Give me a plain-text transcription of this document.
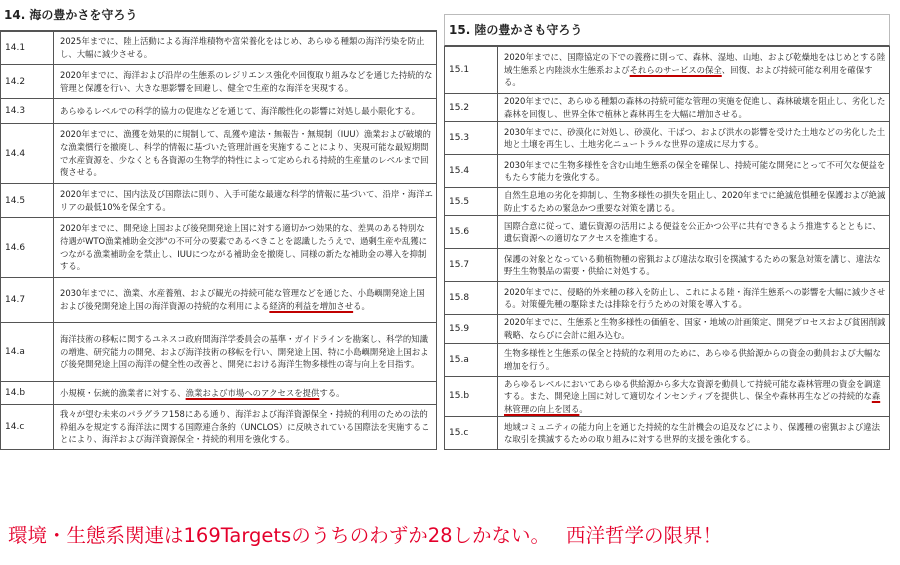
14. 海の豊かさを守ろう
14.1	2025年までに、陸上活動による海洋堆積物や富栄養化をはじめ、あらゆる種類の海洋汚染を防止し、大幅に減少させる。
14.2	2020年までに、海洋および沿岸の生態系のレジリエンス強化や回復取り組みなどを通じた持続的な管理と保護を行い、大きな悪影響を回避し、健全で生産的な海洋を実現する。
14.3	あらゆるレベルでの科学的協力の促進などを通じて、海洋酸性化の影響に対処し最小限化する。
14.4	2020年までに、漁獲を効果的に規制して、乱獲や違法・無報告・無規制（IUU）漁業および破壊的な漁業慣行を撤廃し、科学的情報に基づいた管理計画を実施することにより、実現可能な最短期間で水産資源を、少なくとも各資源の生物学的特性によって定められる持続的生産量のレベルまで回復させる。
14.5	2020年までに、国内法及び国際法に則り、入手可能な最適な科学的情報に基づいて、沿岸・海洋エリアの最低10%を保全する。
14.6	2020年までに、開発途上国および後発開発途上国に対する適切かつ効果的な、差異のある特別な待遇がWTO漁業補助金交渉"の不可分の要素であるべきことを認識したうえで、過剰生産や乱獲につながる漁業補助金を禁止し、IUUにつながる補助金を撤廃し、同様の新たな補助金の導入を抑制する。
14.7	2030年までに、漁業、水産養殖、および観光の持続可能な管理などを通じた、小島嶼開発途上国および後発開発途上国の海洋資源の持続的な利用による経済的利益を増加させる。
14.a	海洋技術の移転に関するユネスコ政府間海洋学委員会の基準・ガイドラインを勘案し、科学的知識の増進、研究能力の開発、および海洋技術の移転を行い、開発途上国、特に小島嶼開発途上国および後発開発途上国の海洋の健全性の改善と、開発における海洋生物多様性の寄与向上を目指す。
14.b	小規模・伝統的漁業者に対する、漁業および市場へのアクセスを提供する。
14.c	我々が望む未来のパラグラフ158にある通り、海洋および海洋資源保全・持続的利用のための法的枠組みを規定する海洋法に関する国際連合条約（UNCLOS）に反映されている国際法を実施することにより、海洋および海洋資源保全・持続的利用を強化する。
15. 陸の豊かさも守ろう
15.1	2020年までに、国際協定の下での義務に則って、森林、湿地、山地、および乾燥地をはじめとする陸域生態系と内陸淡水生態系およびそれらのサービスの保全、回復、および持続可能な利用を確保する。
15.2	2020年までに、あらゆる種類の森林の持続可能な管理の実施を促進し、森林破壊を阻止し、劣化した森林を回復し、世界全体で植林と森林再生を大幅に増加させる。
15.3	2030年までに、砂漠化に対処し、砂漠化、干ばつ、および洪水の影響を受けた土地などの劣化した土地と土壌を再生し、土地劣化ニュートラルな世界の達成に尽力する。
15.4	2030年までに生物多様性を含む山地生態系の保全を確保し、持続可能な開発にとって不可欠な便益をもたらす能力を強化する。
15.5	自然生息地の劣化を抑制し、生物多様性の損失を阻止し、2020年までに絶滅危惧種を保護および絶滅防止するための緊急かつ重要な対策を講じる。
15.6	国際合意に従って、遺伝資源の活用による便益を公正かつ公平に共有できるよう推進するとともに、遺伝資源への適切なアクセスを推進する。
15.7	保護の対象となっている動植物種の密猟および違法な取引を撲滅するための緊急対策を講じ、違法な野生生物製品の需要・供給に対処する。
15.8	2020年までに、侵略的外来種の移入を防止し、これによる陸・海洋生態系への影響を大幅に減少させる。対策優先種の駆除または排除を行うための対策を導入する。
15.9	2020年までに、生態系と生物多様性の価値を、国家・地域の計画策定、開発プロセスおよび貧困削減戦略、ならびに会計に組み込む。
15.a	生物多様性と生態系の保全と持続的な利用のために、あらゆる供給源からの資金の動員および大幅な増加を行う。
15.b	あらゆるレベルにおいてあらゆる供給源から多大な資源を動員して持続可能な森林管理の資金を調達する。また、開発途上国に対して適切なインセンティブを提供し、保全や森林再生などの持続的な森林管理の向上を図る。
15.c	地域コミュニティの能力向上を通じた持続的な生計機会の追及などにより、保護種の密猟および違法な取引を撲滅するための取り組みに対する世界的支援を強化する。
環境・生態系関連は169Targetsのうちのわずか28しかない。 西洋哲学の限界！
